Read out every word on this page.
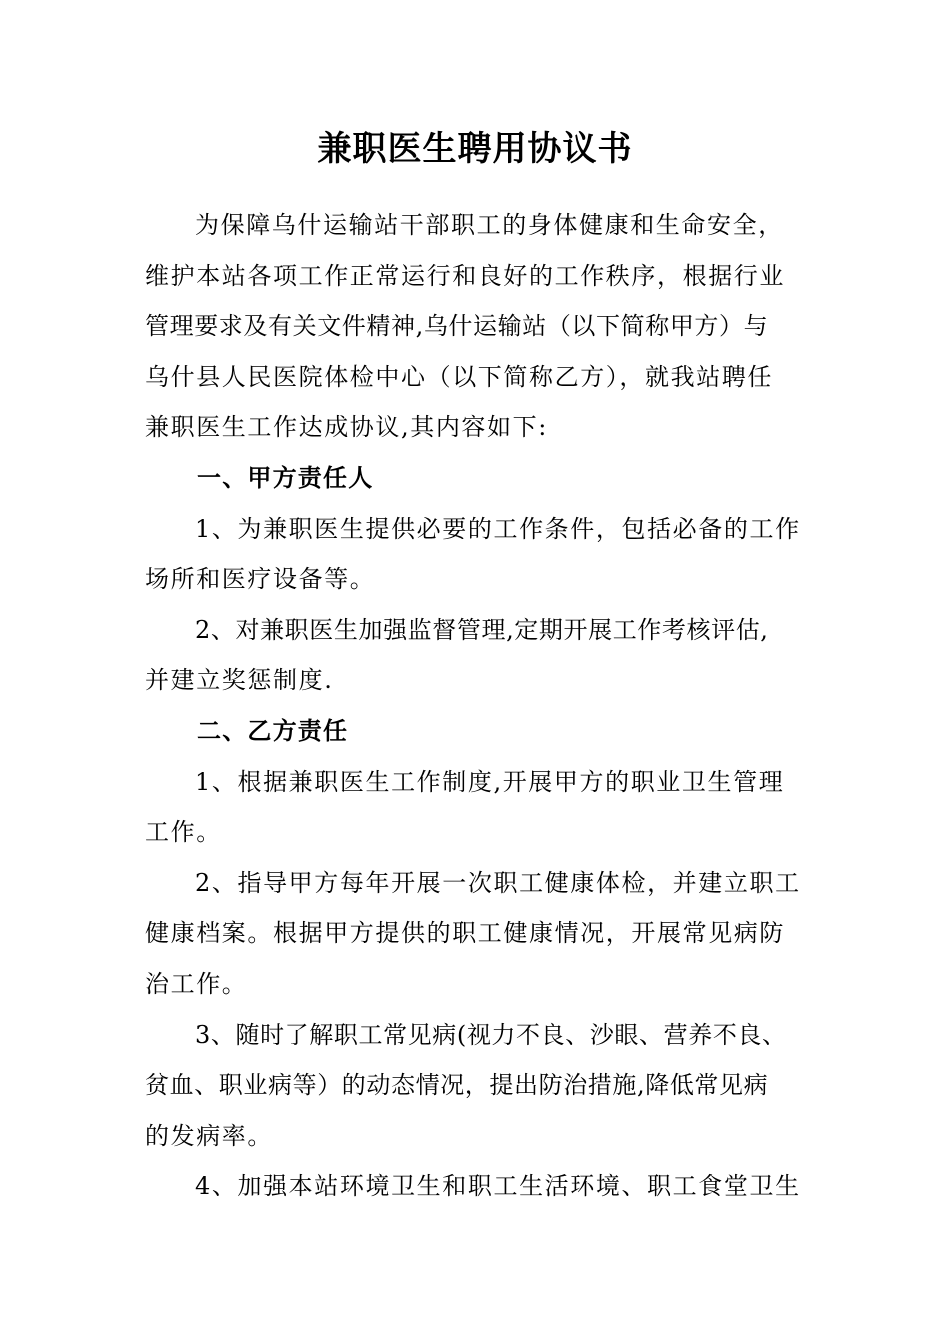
兼职医生聘用协议书
为保障乌什运输站干部职工的身体健康和生命安全，
维护本站各项工作正常运行和良好的工作秩序，根据行业
管理要求及有关文件精神,乌什运输站（以下简称甲方）与
乌什县人民医院体检中心（以下简称乙方），就我站聘任
兼职医生工作达成协议,其内容如下:
一、甲方责任人
1、为兼职医生提供必要的工作条件，包括必备的工作
场所和医疗设备等。
2、对兼职医生加强监督管理,定期开展工作考核评估,
并建立奖惩制度.
二、乙方责任
1、根据兼职医生工作制度,开展甲方的职业卫生管理
工作。
2、指导甲方每年开展一次职工健康体检，并建立职工
健康档案。根据甲方提供的职工健康情况，开展常见病防
治工作。
3、随时了解职工常见病(视力不良、沙眼、营养不良、
贫血、职业病等）的动态情况，提出防治措施,降低常见病
的发病率。
4、加强本站环境卫生和职工生活环境、职工食堂卫生
